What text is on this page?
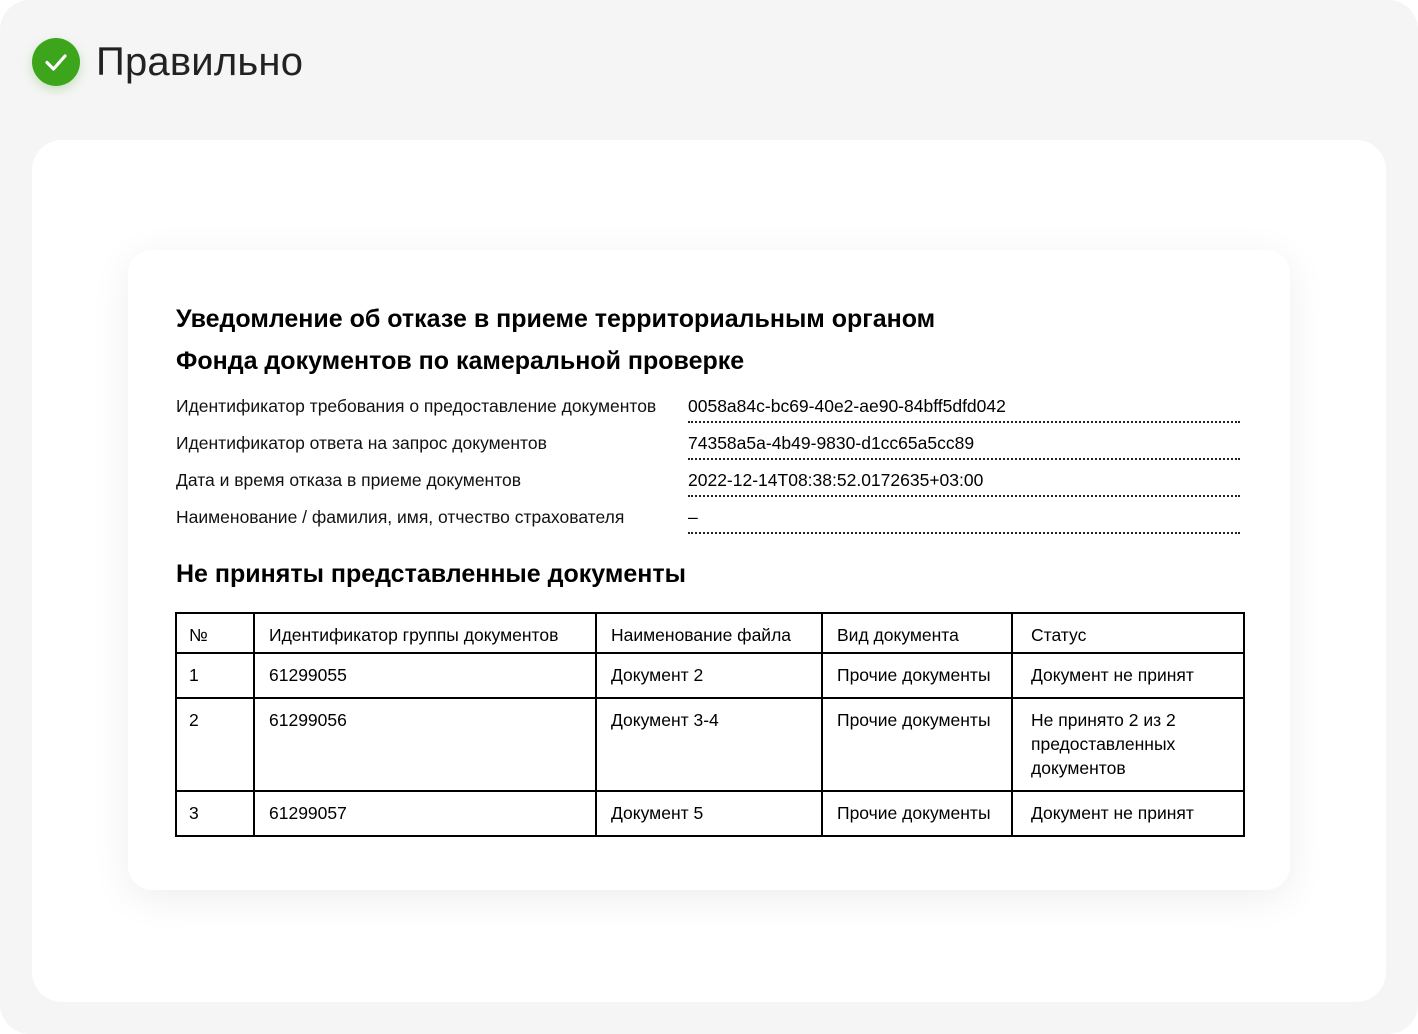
Правильно
Уведомление об отказе в приеме территориальным органом
Фонда документов по камеральной проверке
Идентификатор требования о предоставление документов 0058a84c-bc69-40e2-ae90-84bff5dfd042
Идентификатор ответа на запрос документов	74358a5a-4b49-9830-d1cc65a5cc89
Дата и время отказа в приеме документов	2022-12-14T08:38:52.0172635+03:00
Наименование / фамилия, имя, отчество страхователя	–
Не приняты представленные документы
№	Идентификатор группы документов	Наименование файла	Вид документа	Статус
1	61299055	Документ 2	Прочие документы	Документ не принят
2	61299056	Документ 3-4	Прочие документы	Не принято 2 из 2 предоставленных документов
3	61299057	Документ 5	Прочие документы	Документ не принят
